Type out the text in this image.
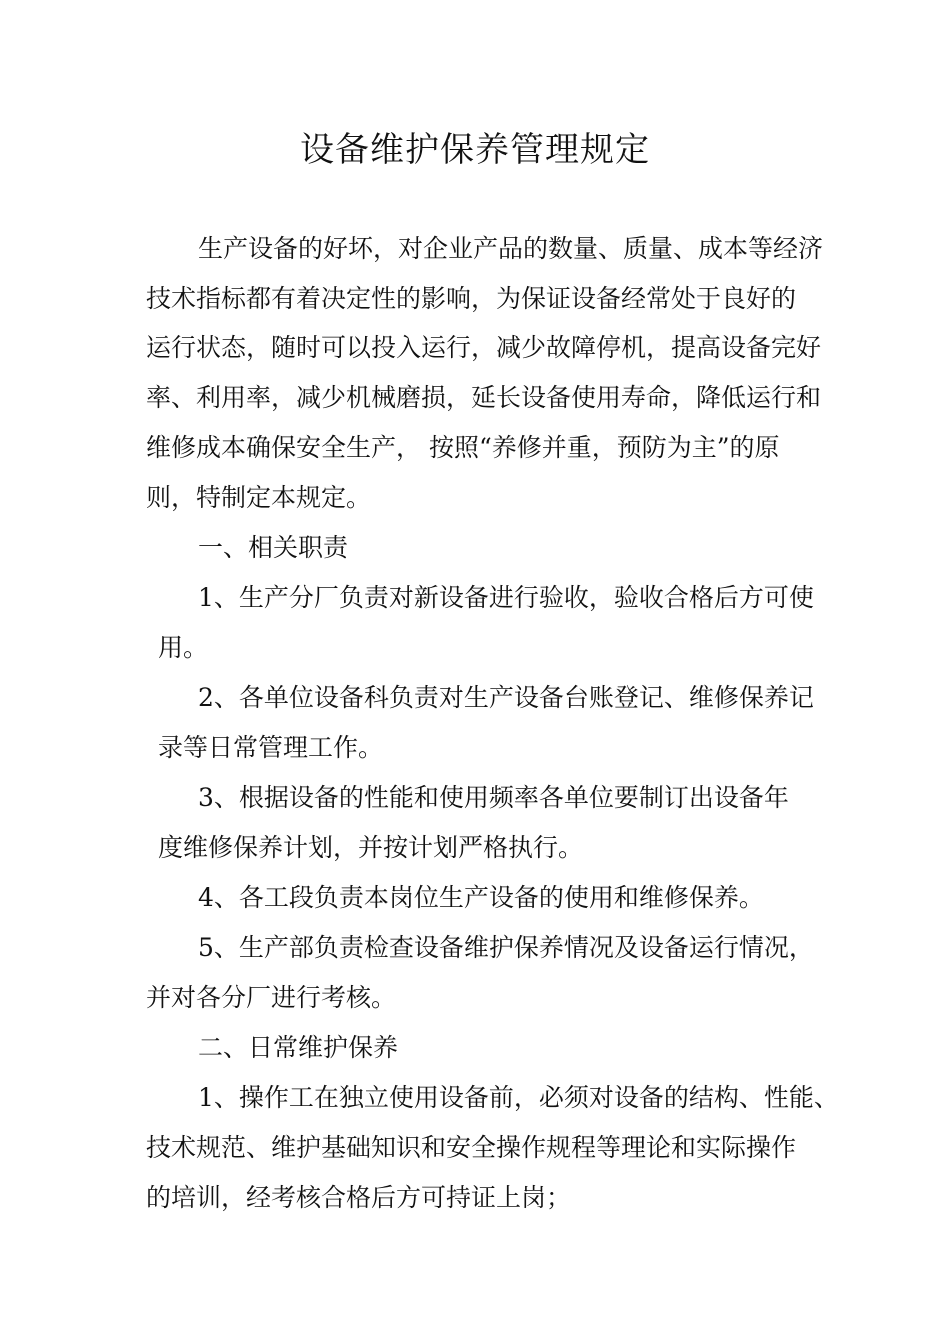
设备维护保养管理规定
生产设备的好坏，对企业产品的数量、质量、成本等经济
技术指标都有着决定性的影响，为保证设备经常处于良好的
运行状态，随时可以投入运行，减少故障停机，提高设备完好
率、利用率，减少机械磨损，延长设备使用寿命，降低运行和
维修成本确保安全生产， 按照“养修并重，预防为主”的原
则，特制定本规定。
一、相关职责
1、生产分厂负责对新设备进行验收，验收合格后方可使
用。
2、各单位设备科负责对生产设备台账登记、维修保养记
录等日常管理工作。
3、根据设备的性能和使用频率各单位要制订出设备年
度维修保养计划，并按计划严格执行。
4、各工段负责本岗位生产设备的使用和维修保养。
5、生产部负责检查设备维护保养情况及设备运行情况，
并对各分厂进行考核。
二、日常维护保养
1、操作工在独立使用设备前，必须对设备的结构、性能、
技术规范、维护基础知识和安全操作规程等理论和实际操作
的培训，经考核合格后方可持证上岗；
